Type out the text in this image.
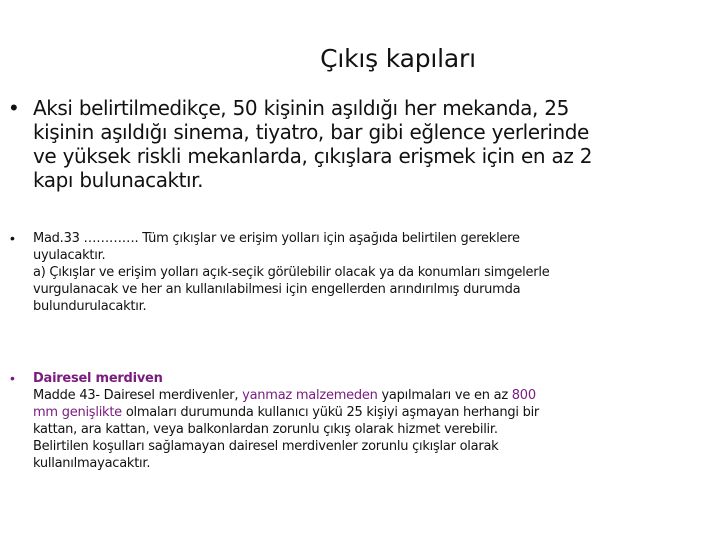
Çıkış kapıları
• Aksi belirtilmedikçe, 50 kişinin aşıldığı her mekanda, 25
kişinin aşıldığı sinema, tiyatro, bar gibi eğlence yerlerinde
ve yüksek riskli mekanlarda, çıkışlara erişmek için en az 2
kapı bulunacaktır.

• Mad.33 …………. Tüm çıkışlar ve erişim yolları için aşağıda belirtilen gereklere
uyulacaktır.
a) Çıkışlar ve erişim yolları açık-seçik görülebilir olacak ya da konumları simgelerle
vurgulanacak ve her an kullanılabilmesi için engellerden arındırılmış durumda
bulundurulacaktır.

• Dairesel merdiven
Madde 43- Dairesel merdivenler, yanmaz malzemeden yapılmaları ve en az 800
mm genişlikte olmaları durumunda kullanıcı yükü 25 kişiyi aşmayan herhangi bir
kattan, ara kattan, veya balkonlardan zorunlu çıkış olarak hizmet verebilir.
Belirtilen koşulları sağlamayan dairesel merdivenler zorunlu çıkışlar olarak
kullanılmayacaktır.
